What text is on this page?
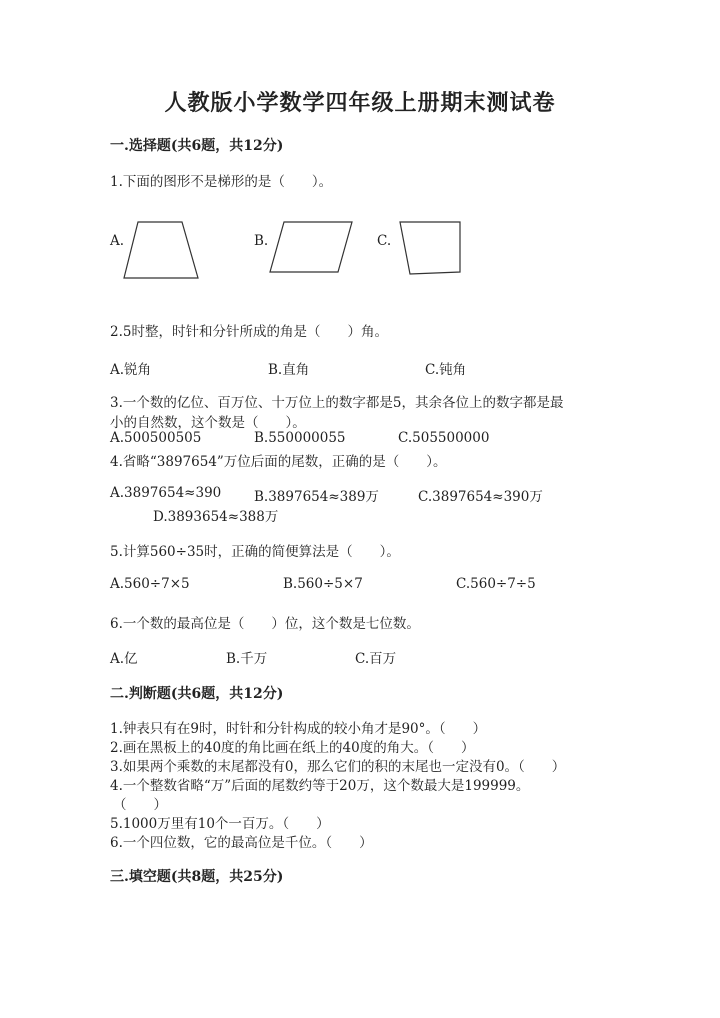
人教版小学数学四年级上册期末测试卷
一.选择题(共6题，共12分)
1.下面的图形不是梯形的是（　　）。
A.	B.	C.
2.5时整，时针和分针所成的角是（　　）角。
A.锐角	B.直角	C.钝角
3.一个数的亿位、百万位、十万位上的数字都是5，其余各位上的数字都是最
小的自然数，这个数是（　　）。
A.500500505	B.550000055	C.505500000
4.省略“3897654”万位后面的尾数，正确的是（　　）。
A.3897654≈390 B.3897654≈389万	C.3897654≈390万
D.3893654≈388万
5.计算560÷35时，正确的简便算法是（　　）。
A.560÷7×5	B.560÷5×7	C.560÷7÷5
6.一个数的最高位是（　　）位，这个数是七位数。
A.亿	B.千万	C.百万
二.判断题(共6题，共12分)
1.钟表只有在9时，时针和分针构成的较小角才是90°。（　　）
2.画在黑板上的40度的角比画在纸上的40度的角大。（　　）
3.如果两个乘数的末尾都没有0，那么它们的积的末尾也一定没有0。（　　）
4.一个整数省略“万”后面的尾数约等于20万，这个数最大是199999。
（　　）
5.1000万里有10个一百万。（　　）
6.一个四位数，它的最高位是千位。（　　）
三.填空题(共8题，共25分)
